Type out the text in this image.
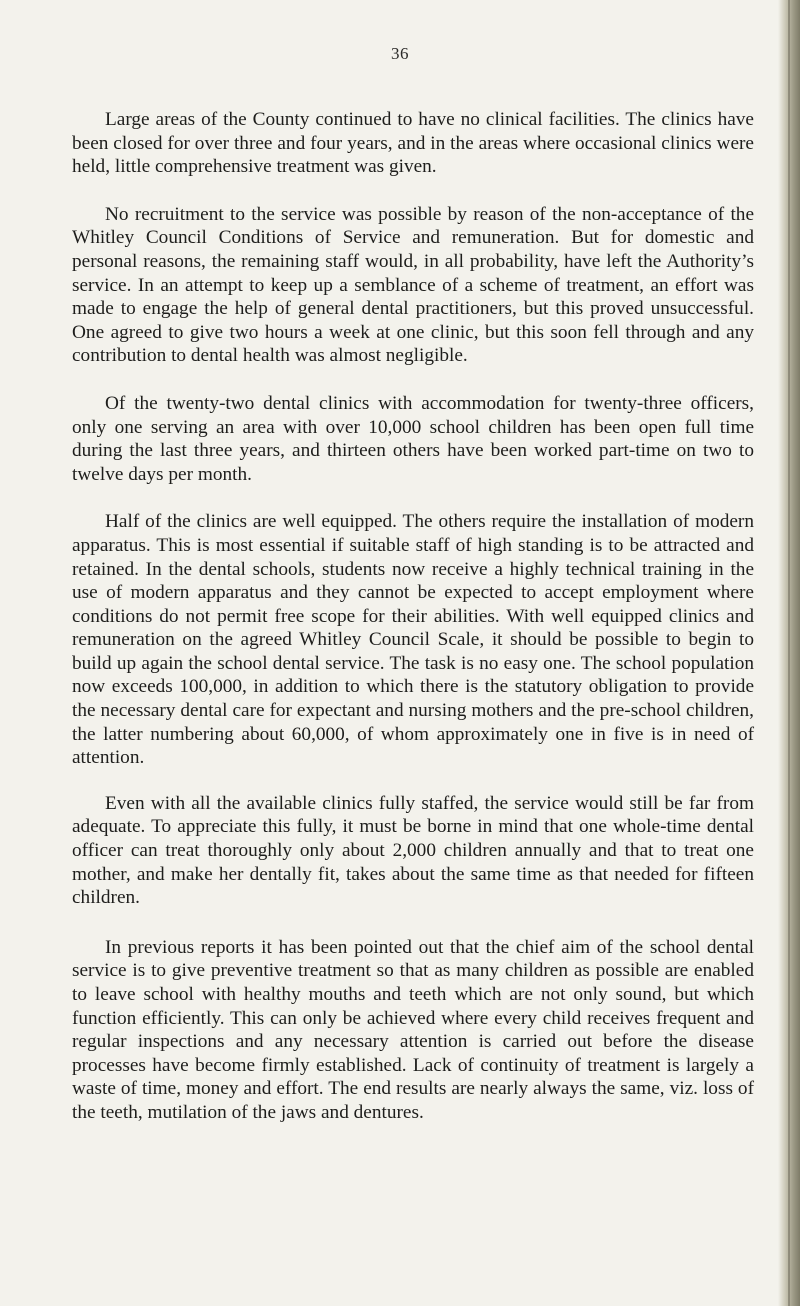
36

Large areas of the County continued to have no clinical facilities. The clinics have been closed for over three and four years, and in the areas where occasional clinics were held, little comprehensive treatment was given.

No recruitment to the service was possible by reason of the non-acceptance of the Whitley Council Conditions of Service and remuneration. But for domestic and personal reasons, the remaining staff would, in all probability, have left the Authority’s service. In an attempt to keep up a semblance of a scheme of treatment, an effort was made to engage the help of general dental practitioners, but this proved unsuccessful. One agreed to give two hours a week at one clinic, but this soon fell through and any contribution to dental health was almost negligible.

Of the twenty-two dental clinics with accommodation for twenty-three officers, only one serving an area with over 10,000 school children has been open full time during the last three years, and thirteen others have been worked part-time on two to twelve days per month.

Half of the clinics are well equipped. The others require the installation of modern apparatus. This is most essential if suitable staff of high standing is to be attracted and retained. In the dental schools, students now receive a highly technical training in the use of modern apparatus and they cannot be expected to accept employment where conditions do not permit free scope for their abilities. With well equipped clinics and remuneration on the agreed Whitley Council Scale, it should be possible to begin to build up again the school dental service. The task is no easy one. The school population now exceeds 100,000, in addition to which there is the statutory obligation to provide the necessary dental care for expectant and nursing mothers and the pre-school children, the latter numbering about 60,000, of whom approximately one in five is in need of attention.

Even with all the available clinics fully staffed, the service would still be far from adequate. To appreciate this fully, it must be borne in mind that one whole-time dental officer can treat thoroughly only about 2,000 children annually and that to treat one mother, and make her dentally fit, takes about the same time as that needed for fifteen children.

In previous reports it has been pointed out that the chief aim of the school dental service is to give preventive treatment so that as many children as possible are enabled to leave school with healthy mouths and teeth which are not only sound, but which function efficiently. This can only be achieved where every child receives frequent and regular inspections and any necessary attention is carried out before the disease processes have become firmly established. Lack of continuity of treatment is largely a waste of time, money and effort. The end results are nearly always the same, viz. loss of the teeth, mutilation of the jaws and dentures.
